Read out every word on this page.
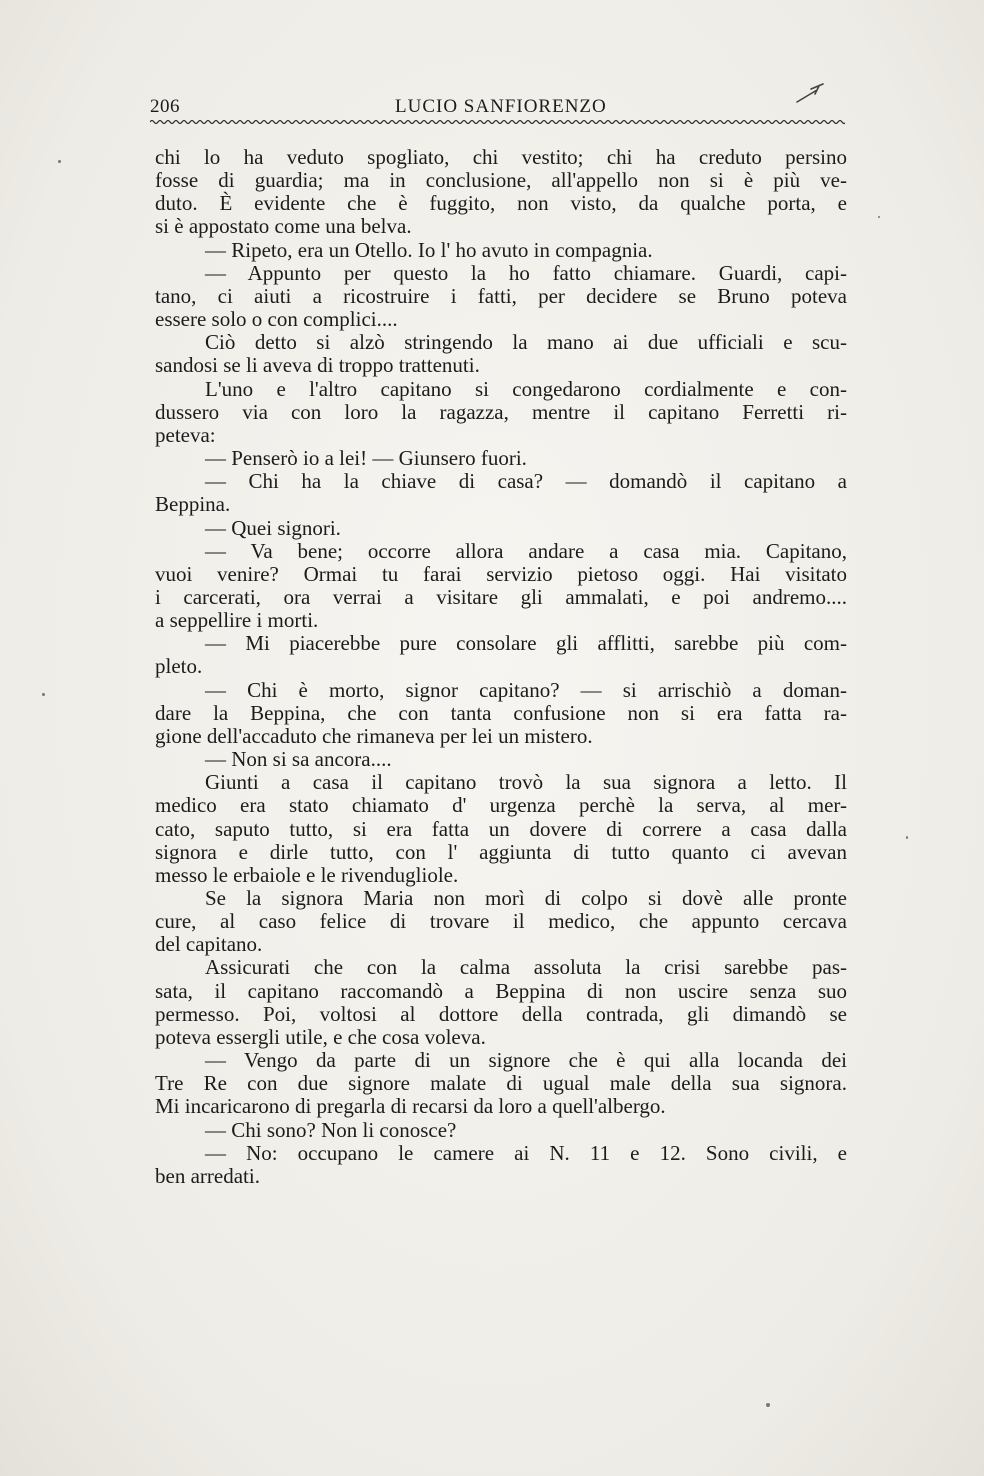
206	LUCIO SANFIORENZO
chi lo ha veduto spogliato, chi vestito; chi ha creduto persino
fosse di guardia; ma in conclusione, all'appello non si è più ve-
duto. È evidente che è fuggito, non visto, da qualche porta, e
si è appostato come una belva.
— Ripeto, era un Otello. Io l' ho avuto in compagnia.
— Appunto per questo la ho fatto chiamare. Guardi, capi-
tano, ci aiuti a ricostruire i fatti, per decidere se Bruno poteva
essere solo o con complici....
Ciò detto si alzò stringendo la mano ai due ufficiali e scu-
sandosi se li aveva di troppo trattenuti.
L'uno e l'altro capitano si congedarono cordialmente e con-
dussero via con loro la ragazza, mentre il capitano Ferretti ri-
peteva:
— Penserò io a lei! — Giunsero fuori.
— Chi ha la chiave di casa? — domandò il capitano a
Beppina.
— Quei signori.
— Va bene; occorre allora andare a casa mia. Capitano,
vuoi venire? Ormai tu farai servizio pietoso oggi. Hai visitato
i carcerati, ora verrai a visitare gli ammalati, e poi andremo....
a seppellire i morti.
— Mi piacerebbe pure consolare gli afflitti, sarebbe più com-
pleto.
— Chi è morto, signor capitano? — si arrischiò a doman-
dare la Beppina, che con tanta confusione non si era fatta ra-
gione dell'accaduto che rimaneva per lei un mistero.
— Non si sa ancora....
Giunti a casa il capitano trovò la sua signora a letto. Il
medico era stato chiamato d' urgenza perchè la serva, al mer-
cato, saputo tutto, si era fatta un dovere di correre a casa dalla
signora e dirle tutto, con l' aggiunta di tutto quanto ci avevan
messo le erbaiole e le rivendugliole.
Se la signora Maria non morì di colpo si dovè alle pronte
cure, al caso felice di trovare il medico, che appunto cercava
del capitano.
Assicurati che con la calma assoluta la crisi sarebbe pas-
sata, il capitano raccomandò a Beppina di non uscire senza suo
permesso. Poi, voltosi al dottore della contrada, gli dimandò se
poteva essergli utile, e che cosa voleva.
— Vengo da parte di un signore che è qui alla locanda dei
Tre Re con due signore malate di ugual male della sua signora.
Mi incaricarono di pregarla di recarsi da loro a quell'albergo.
— Chi sono? Non li conosce?
— No: occupano le camere ai N. 11 e 12. Sono civili, e
ben arredati.
